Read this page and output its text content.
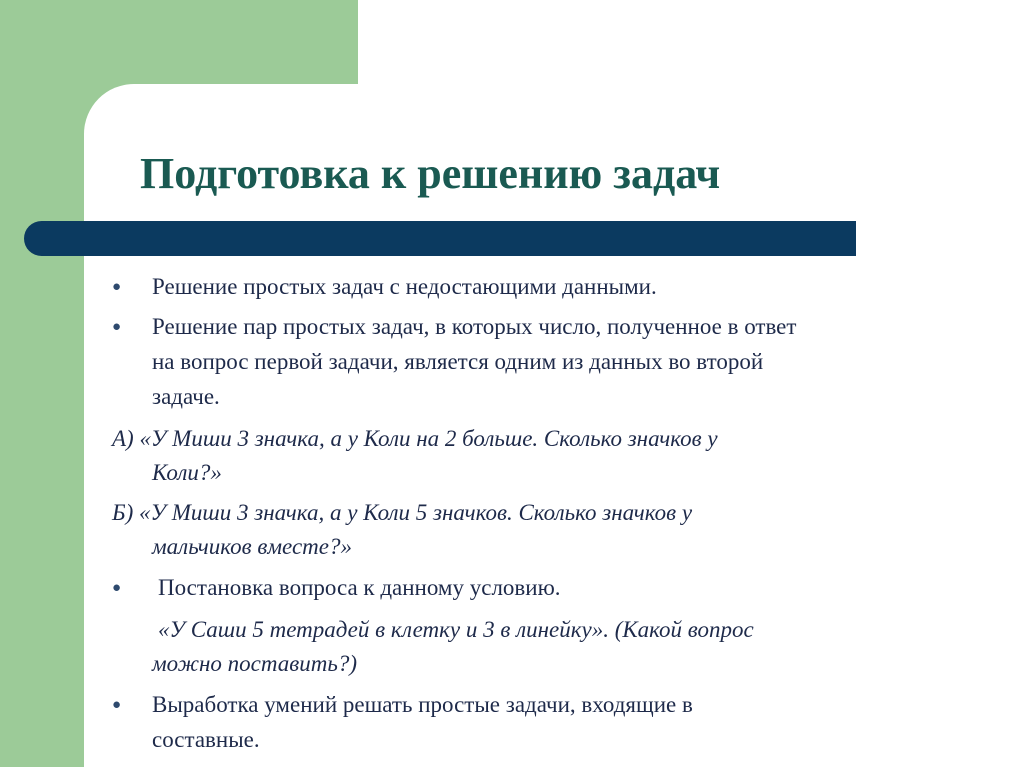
Подготовка к решению задач
● Решение простых задач с недостающими данными.
● Решение пар простых задач, в которых число, полученное в ответ
на вопрос первой задачи, является одним из данных во второй
задаче.
А) «У Миши 3 значка, а у Коли на 2 больше. Сколько значков у
Коли?»
Б) «У Миши 3 значка, а у Коли 5 значков. Сколько значков у
мальчиков вместе?»
● Постановка вопроса к данному условию.
«У Саши 5 тетрадей в клетку и 3 в линейку». (Какой вопрос
можно поставить?)
● Выработка умений решать простые задачи, входящие в
составные.
